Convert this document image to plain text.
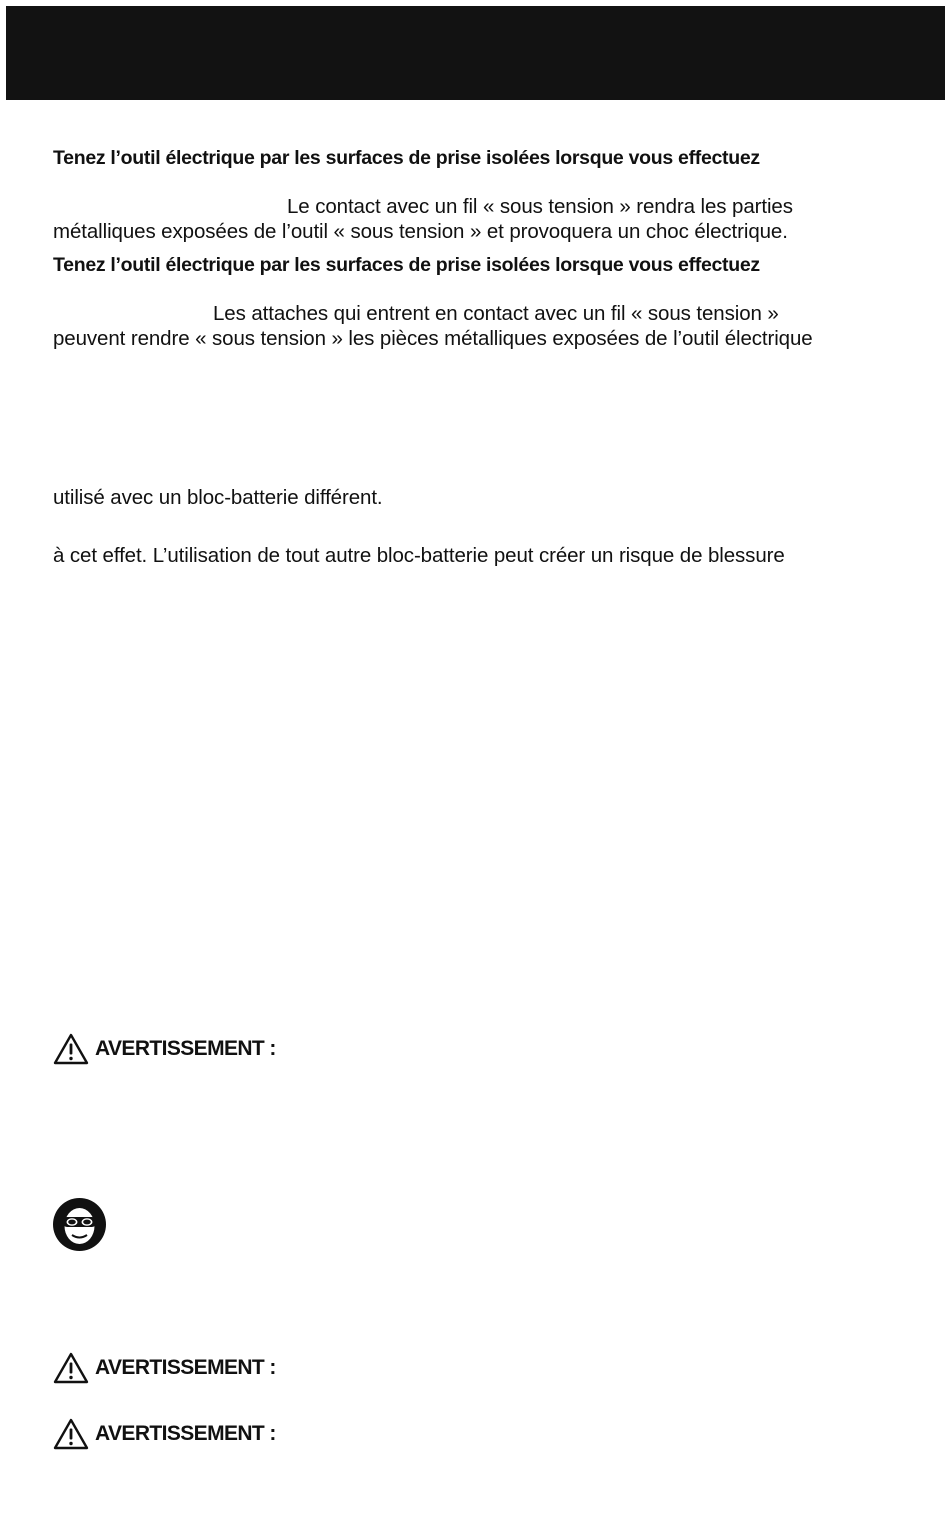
Tenez l’outil électrique par les surfaces de prise isolées lorsque vous effectuez
Le contact avec un fil « sous tension » rendra les parties
métalliques exposées de l’outil « sous tension » et provoquera un choc électrique.
Tenez l’outil électrique par les surfaces de prise isolées lorsque vous effectuez
Les attaches qui entrent en contact avec un fil « sous tension »
peuvent rendre « sous tension » les pièces métalliques exposées de l’outil électrique
utilisé avec un bloc-batterie différent.
à cet effet. L’utilisation de tout autre bloc-batterie peut créer un risque de blessure
AVERTISSEMENT :
AVERTISSEMENT :
AVERTISSEMENT :
